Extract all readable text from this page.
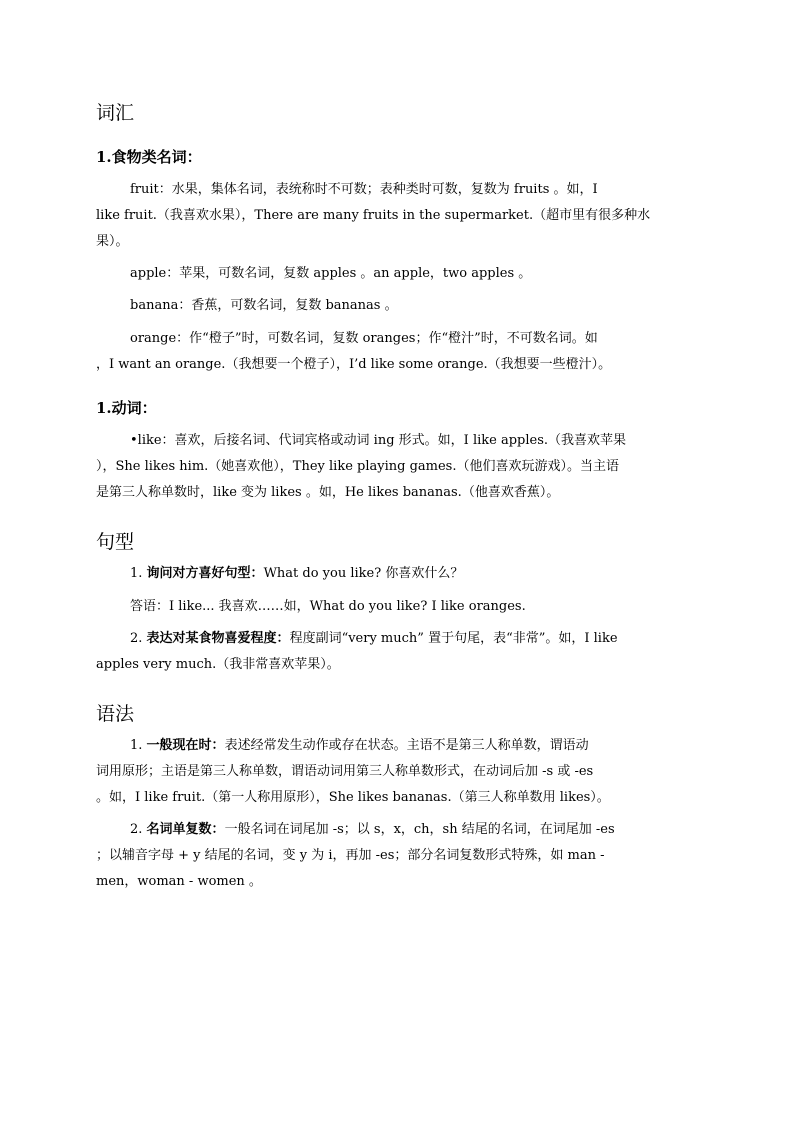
词汇
1.食物类名词：

fruit：水果，集体名词，表统称时不可数；表种类时可数，复数为 fruits 。如，I
like fruit.（我喜欢水果），There are many fruits in the supermarket.（超市里有很多种水
果）。

apple：苹果，可数名词，复数 apples 。an apple，two apples 。

banana：香蕉，可数名词，复数 bananas 。

orange：作“橙子”时，可数名词，复数 oranges；作“橙汁”时，不可数名词。如
，I want an orange.（我想要一个橙子），I’d like some orange.（我想要一些橙汁）。

1.动词：

•like：喜欢，后接名词、代词宾格或动词 ing 形式。如，I like apples.（我喜欢苹果
），She likes him.（她喜欢他），They like playing games.（他们喜欢玩游戏）。当主语
是第三人称单数时，like 变为 likes 。如，He likes bananas.（他喜欢香蕉）。

句型

1. 询问对方喜好句型：What do you like? 你喜欢什么？

答语：I like... 我喜欢……如，What do you like? I like oranges.

2. 表达对某食物喜爱程度：程度副词“very much” 置于句尾，表“非常”。如，I like
apples very much.（我非常喜欢苹果）。

语法

1. 一般现在时：表述经常发生动作或存在状态。主语不是第三人称单数，谓语动
词用原形；主语是第三人称单数，谓语动词用第三人称单数形式，在动词后加 -s 或 -es
。如，I like fruit.（第一人称用原形），She likes bananas.（第三人称单数用 likes）。

2. 名词单复数：一般名词在词尾加 -s；以 s，x，ch，sh 结尾的名词，在词尾加 -es
；以辅音字母 + y 结尾的名词，变 y 为 i，再加 -es；部分名词复数形式特殊，如 man -
men，woman - women 。
